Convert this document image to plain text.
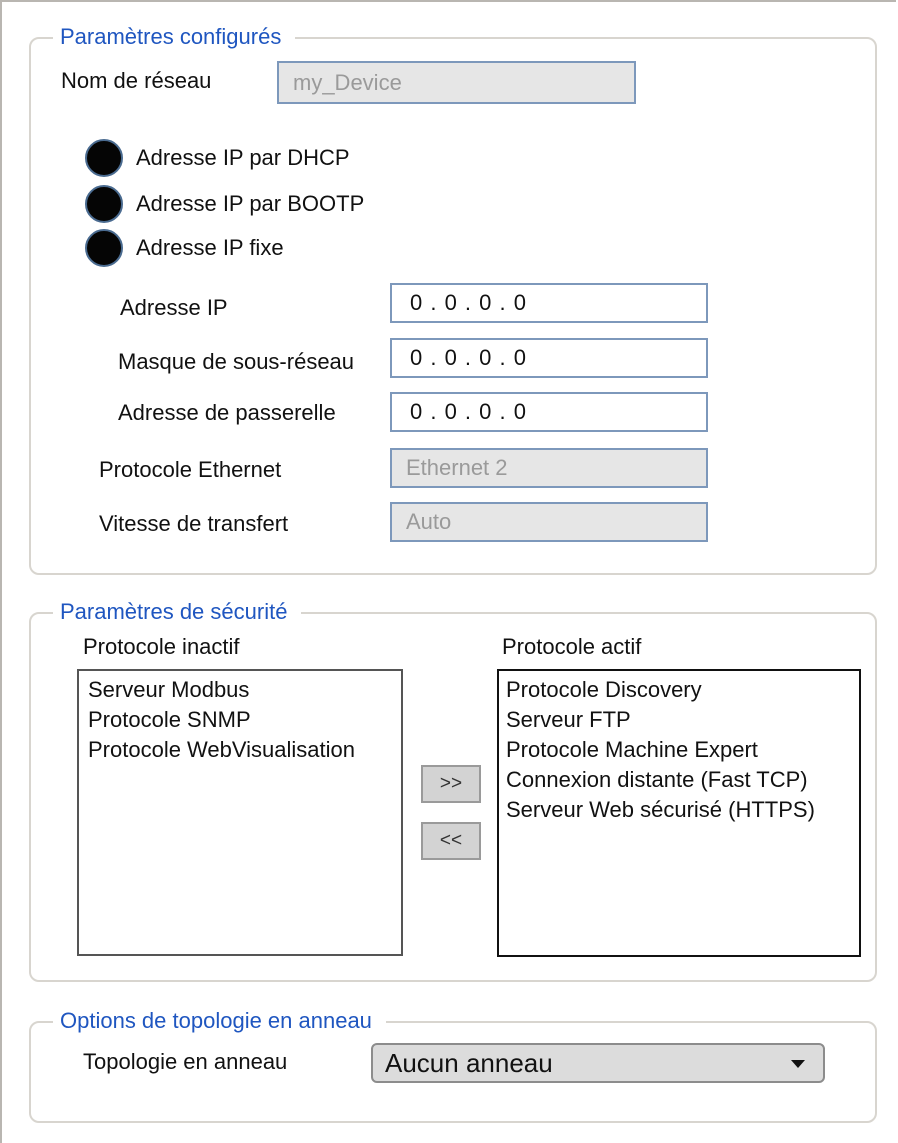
Paramètres configurés
Nom de réseau	my_Device
Adresse IP par DHCP
Adresse IP par BOOTP
Adresse IP fixe
Adresse IP	0 . 0 . 0 . 0
Masque de sous-réseau	0 . 0 . 0 . 0
Adresse de passerelle	0 . 0 . 0 . 0
Protocole Ethernet	Ethernet 2
Vitesse de transfert	Auto
Paramètres de sécurité
Protocole inactif	Protocole actif
Serveur Modbus
Protocole SNMP
Protocole WebVisualisation
>>
<<
Protocole Discovery
Serveur FTP
Protocole Machine Expert
Connexion distante (Fast TCP)
Serveur Web sécurisé (HTTPS)
Options de topologie en anneau
Topologie en anneau	Aucun anneau
